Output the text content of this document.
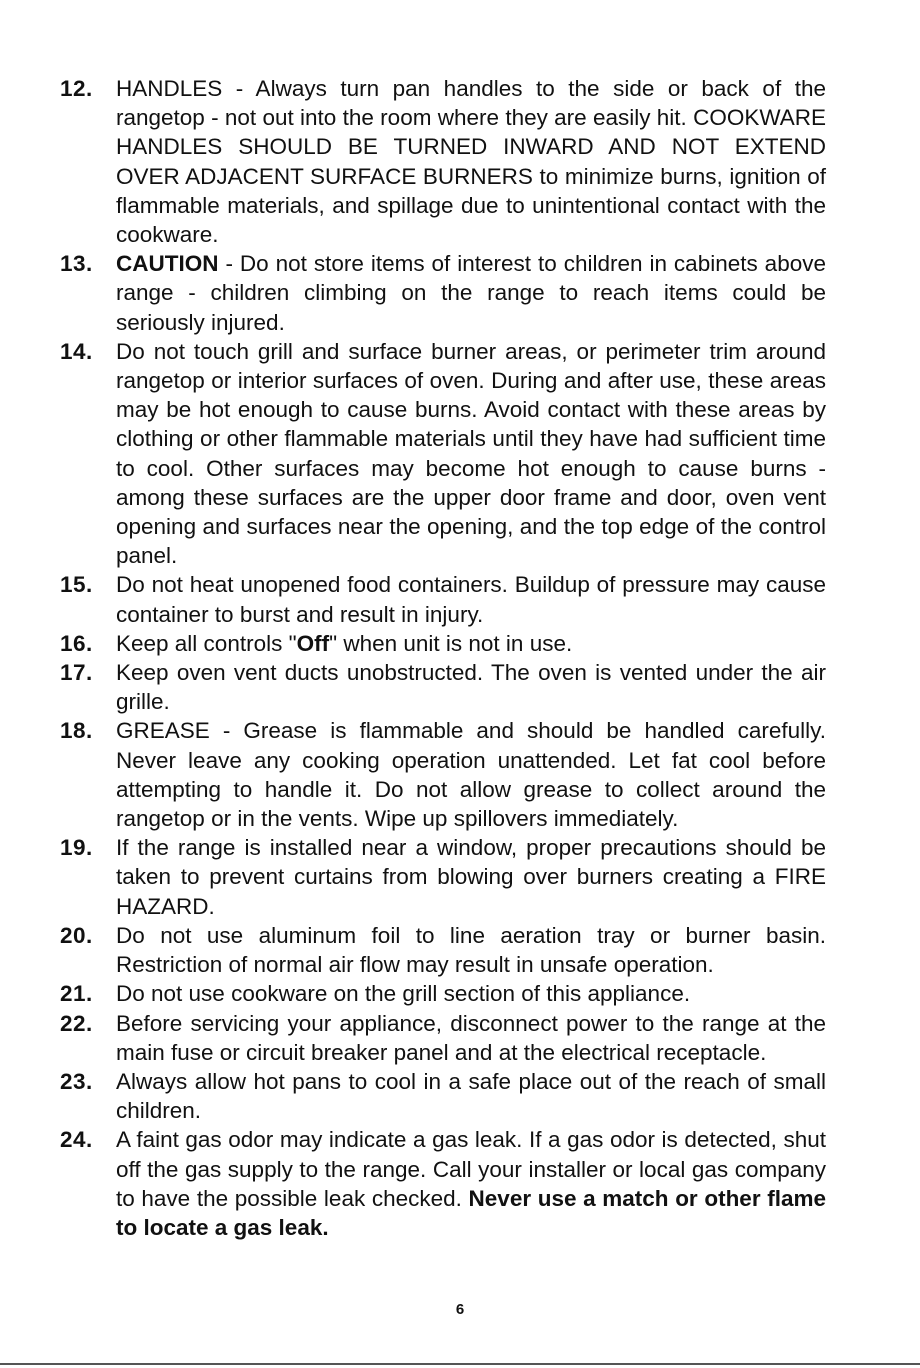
12. HANDLES - Always turn pan handles to the side or back of the rangetop - not out into the room where they are easily hit. COOKWARE HANDLES SHOULD BE TURNED INWARD AND NOT EXTEND OVER ADJACENT SURFACE BURNERS to minimize burns, ignition of flammable materials, and spillage due to unintentional contact with the cookware.
13. CAUTION - Do not store items of interest to children in cabinets above range - children climbing on the range to reach items could be seriously injured.
14. Do not touch grill and surface burner areas, or perimeter trim around rangetop or interior surfaces of oven. During and after use, these areas may be hot enough to cause burns. Avoid contact with these areas by clothing or other flammable materials until they have had sufficient time to cool. Other surfaces may become hot enough to cause burns - among these surfaces are the upper door frame and door, oven vent opening and surfaces near the opening, and the top edge of the control panel.
15. Do not heat unopened food containers. Buildup of pressure may cause container to burst and result in injury.
16. Keep all controls "Off" when unit is not in use.
17. Keep oven vent ducts unobstructed. The oven is vented under the air grille.
18. GREASE - Grease is flammable and should be handled carefully. Never leave any cooking operation unattended. Let fat cool before attempting to handle it. Do not allow grease to collect around the rangetop or in the vents. Wipe up spillovers immediately.
19. If the range is installed near a window, proper precautions should be taken to prevent curtains from blowing over burners creating a FIRE HAZARD.
20. Do not use aluminum foil to line aeration tray or burner basin. Restriction of normal air flow may result in unsafe operation.
21. Do not use cookware on the grill section of this appliance.
22. Before servicing your appliance, disconnect power to the range at the main fuse or circuit breaker panel and at the electrical receptacle.
23. Always allow hot pans to cool in a safe place out of the reach of small children.
24. A faint gas odor may indicate a gas leak. If a gas odor is detected, shut off the gas supply to the range. Call your installer or local gas company to have the possible leak checked. Never use a match or other flame to locate a gas leak.
6
